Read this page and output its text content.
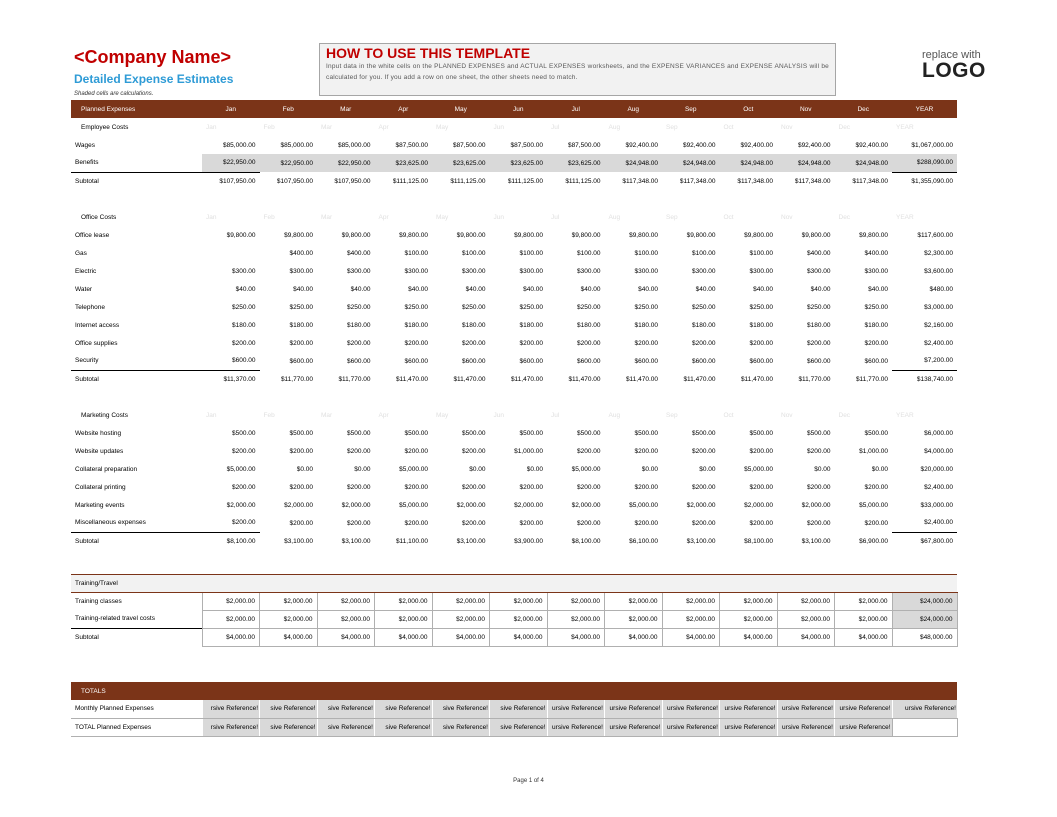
<Company Name>
Detailed Expense Estimates
Shaded cells are calculations.
HOW TO USE THIS TEMPLATE
Input data in the white cells on the PLANNED EXPENSES and ACTUAL EXPENSES worksheets, and the EXPENSE VARIANCES and EXPENSE ANALYSIS will be calculated for you. If you add a row on one sheet, the other sheets need to match.
replace with
LOGO
Planned Expenses	Jan	Feb	Mar	Apr	May	Jun	Jul	Aug	Sep	Oct	Nov	Dec	YEAR
Employee Costs	Jan	Feb	Mar	Apr	May	Jun	Jul	Aug	Sep	Oct	Nov	Dec	YEAR
Wages	$85,000.00	$85,000.00	$85,000.00	$87,500.00	$87,500.00	$87,500.00	$87,500.00	$92,400.00	$92,400.00	$92,400.00	$92,400.00	$92,400.00	$1,067,000.00
Benefits	$22,950.00	$22,950.00	$22,950.00	$23,625.00	$23,625.00	$23,625.00	$23,625.00	$24,948.00	$24,948.00	$24,948.00	$24,948.00	$24,948.00	$288,090.00
Subtotal	$107,950.00	$107,950.00	$107,950.00	$111,125.00	$111,125.00	$111,125.00	$111,125.00	$117,348.00	$117,348.00	$117,348.00	$117,348.00	$117,348.00	$1,355,090.00

Office Costs	Jan	Feb	Mar	Apr	May	Jun	Jul	Aug	Sep	Oct	Nov	Dec	YEAR
Office lease	$9,800.00	$9,800.00	$9,800.00	$9,800.00	$9,800.00	$9,800.00	$9,800.00	$9,800.00	$9,800.00	$9,800.00	$9,800.00	$9,800.00	$117,600.00
Gas		$400.00	$400.00	$100.00	$100.00	$100.00	$100.00	$100.00	$100.00	$100.00	$400.00	$400.00	$2,300.00
Electric	$300.00	$300.00	$300.00	$300.00	$300.00	$300.00	$300.00	$300.00	$300.00	$300.00	$300.00	$300.00	$3,600.00
Water	$40.00	$40.00	$40.00	$40.00	$40.00	$40.00	$40.00	$40.00	$40.00	$40.00	$40.00	$40.00	$480.00
Telephone	$250.00	$250.00	$250.00	$250.00	$250.00	$250.00	$250.00	$250.00	$250.00	$250.00	$250.00	$250.00	$3,000.00
Internet access	$180.00	$180.00	$180.00	$180.00	$180.00	$180.00	$180.00	$180.00	$180.00	$180.00	$180.00	$180.00	$2,160.00
Office supplies	$200.00	$200.00	$200.00	$200.00	$200.00	$200.00	$200.00	$200.00	$200.00	$200.00	$200.00	$200.00	$2,400.00
Security	$600.00	$600.00	$600.00	$600.00	$600.00	$600.00	$600.00	$600.00	$600.00	$600.00	$600.00	$600.00	$7,200.00
Subtotal	$11,370.00	$11,770.00	$11,770.00	$11,470.00	$11,470.00	$11,470.00	$11,470.00	$11,470.00	$11,470.00	$11,470.00	$11,770.00	$11,770.00	$138,740.00

Marketing Costs	Jan	Feb	Mar	Apr	May	Jun	Jul	Aug	Sep	Oct	Nov	Dec	YEAR
Website hosting	$500.00	$500.00	$500.00	$500.00	$500.00	$500.00	$500.00	$500.00	$500.00	$500.00	$500.00	$500.00	$6,000.00
Website updates	$200.00	$200.00	$200.00	$200.00	$200.00	$1,000.00	$200.00	$200.00	$200.00	$200.00	$200.00	$1,000.00	$4,000.00
Collateral preparation	$5,000.00	$0.00	$0.00	$5,000.00	$0.00	$0.00	$5,000.00	$0.00	$0.00	$5,000.00	$0.00	$0.00	$20,000.00
Collateral printing	$200.00	$200.00	$200.00	$200.00	$200.00	$200.00	$200.00	$200.00	$200.00	$200.00	$200.00	$200.00	$2,400.00
Marketing events	$2,000.00	$2,000.00	$2,000.00	$5,000.00	$2,000.00	$2,000.00	$2,000.00	$5,000.00	$2,000.00	$2,000.00	$2,000.00	$5,000.00	$33,000.00
Miscellaneous expenses	$200.00	$200.00	$200.00	$200.00	$200.00	$200.00	$200.00	$200.00	$200.00	$200.00	$200.00	$200.00	$2,400.00
Subtotal	$8,100.00	$3,100.00	$3,100.00	$11,100.00	$3,100.00	$3,900.00	$8,100.00	$6,100.00	$3,100.00	$8,100.00	$3,100.00	$6,900.00	$67,800.00

Training/Travel													
Training classes	$2,000.00	$2,000.00	$2,000.00	$2,000.00	$2,000.00	$2,000.00	$2,000.00	$2,000.00	$2,000.00	$2,000.00	$2,000.00	$2,000.00	$24,000.00
Training-related travel costs	$2,000.00	$2,000.00	$2,000.00	$2,000.00	$2,000.00	$2,000.00	$2,000.00	$2,000.00	$2,000.00	$2,000.00	$2,000.00	$2,000.00	$24,000.00
Subtotal	$4,000.00	$4,000.00	$4,000.00	$4,000.00	$4,000.00	$4,000.00	$4,000.00	$4,000.00	$4,000.00	$4,000.00	$4,000.00	$4,000.00	$48,000.00

TOTALS													
Monthly Planned Expenses	rsive Reference!	sive Reference!	sive Reference!	sive Reference!	sive Reference!	sive Reference!	ursive Reference!	ursive Reference!	ursive Reference!	ursive Reference!	ursive Reference!	ursive Reference!	ursive Reference!
TOTAL Planned Expenses	rsive Reference!	sive Reference!	sive Reference!	sive Reference!	sive Reference!	sive Reference!	ursive Reference!	ursive Reference!	ursive Reference!	ursive Reference!	ursive Reference!	ursive Reference!	
Page 1 of 4
